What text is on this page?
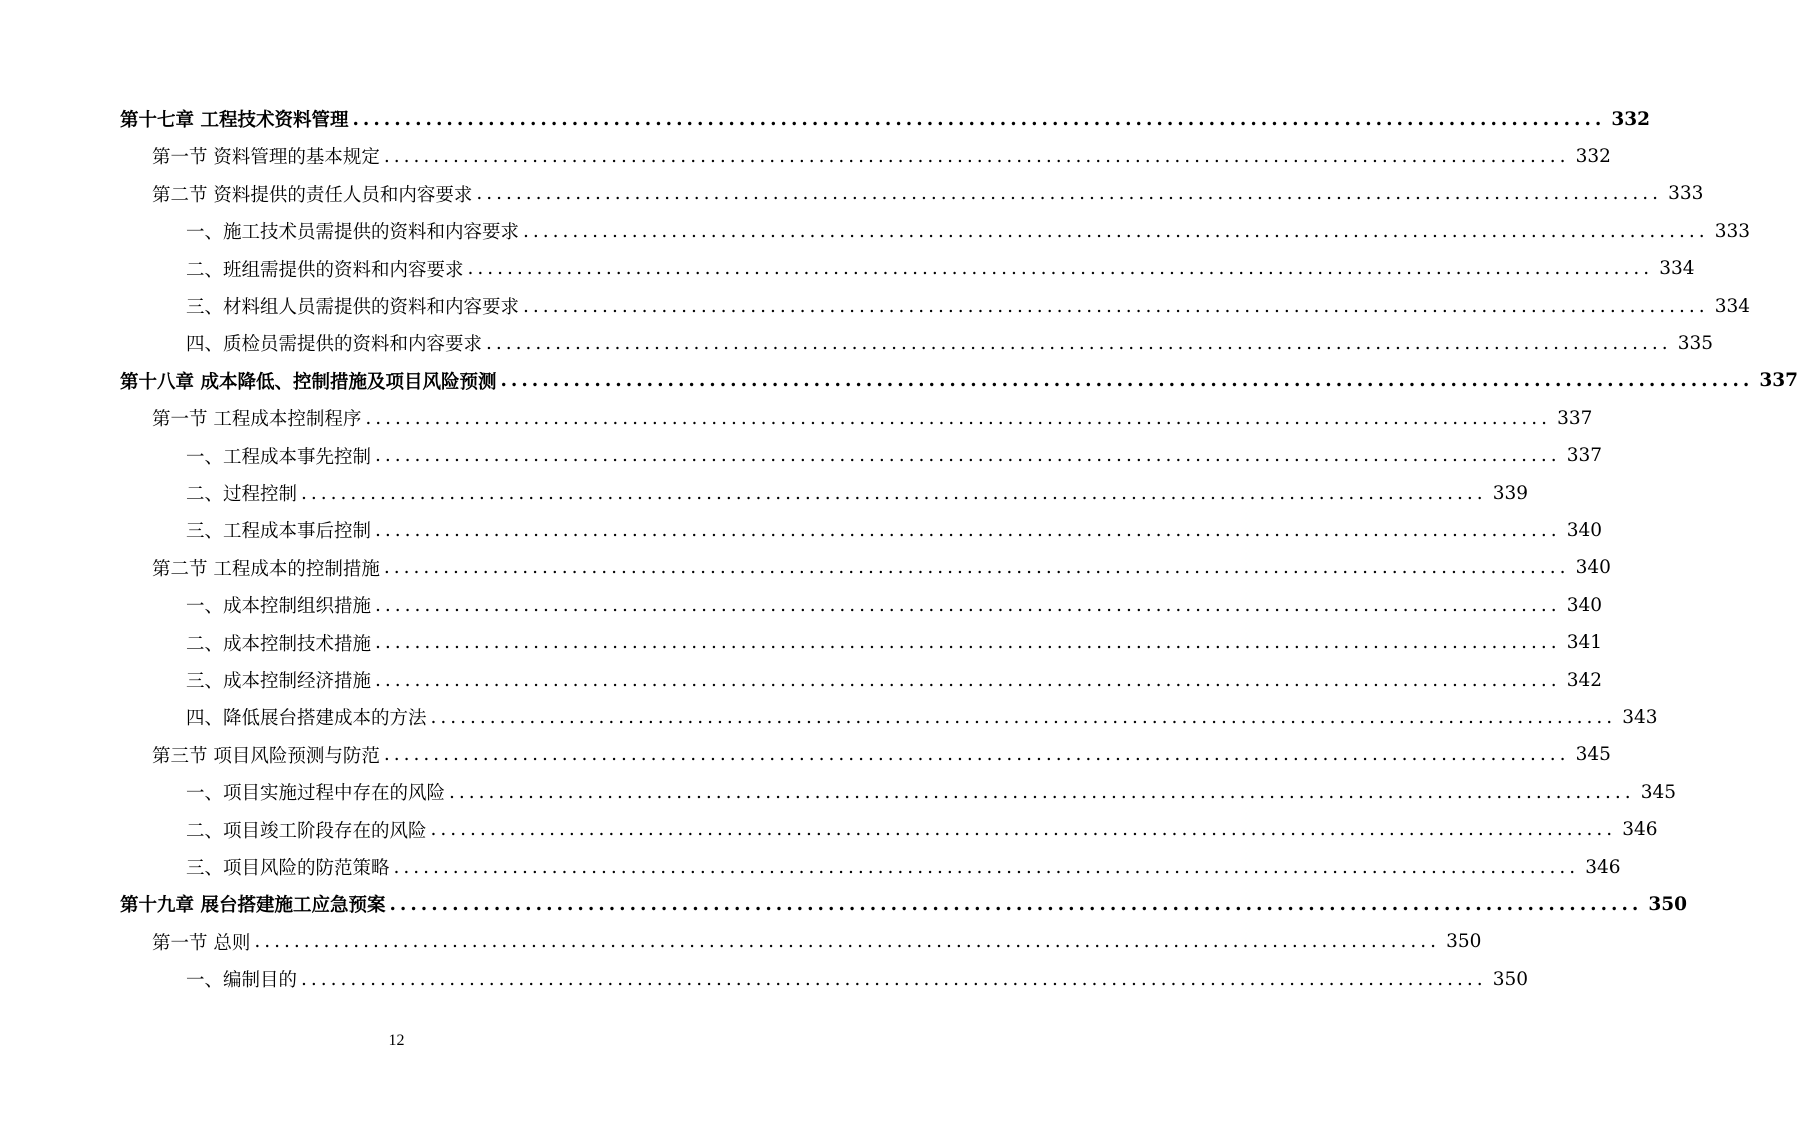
第十七章 工程技术资料管理 ........................................................................................................................ 332
第一节 资料管理的基本规定 ........................................................................................................................ 332
第二节 资料提供的责任人员和内容要求 ........................................................................................................................ 333
一、施工技术员需提供的资料和内容要求 ........................................................................................................................ 333
二、班组需提供的资料和内容要求 ........................................................................................................................ 334
三、材料组人员需提供的资料和内容要求 ........................................................................................................................ 334
四、质检员需提供的资料和内容要求 ........................................................................................................................ 335
第十八章 成本降低、控制措施及项目风险预测 ........................................................................................................................ 337
第一节 工程成本控制程序 ........................................................................................................................ 337
一、工程成本事先控制 ........................................................................................................................ 337
二、过程控制 ........................................................................................................................ 339
三、工程成本事后控制 ........................................................................................................................ 340
第二节 工程成本的控制措施 ........................................................................................................................ 340
一、成本控制组织措施 ........................................................................................................................ 340
二、成本控制技术措施 ........................................................................................................................ 341
三、成本控制经济措施 ........................................................................................................................ 342
四、降低展台搭建成本的方法 ........................................................................................................................ 343
第三节 项目风险预测与防范 ........................................................................................................................ 345
一、项目实施过程中存在的风险 ........................................................................................................................ 345
二、项目竣工阶段存在的风险 ........................................................................................................................ 346
三、项目风险的防范策略 ........................................................................................................................ 346
第十九章 展台搭建施工应急预案 ........................................................................................................................ 350
第一节 总则 ........................................................................................................................ 350
一、编制目的 ........................................................................................................................ 350
12
